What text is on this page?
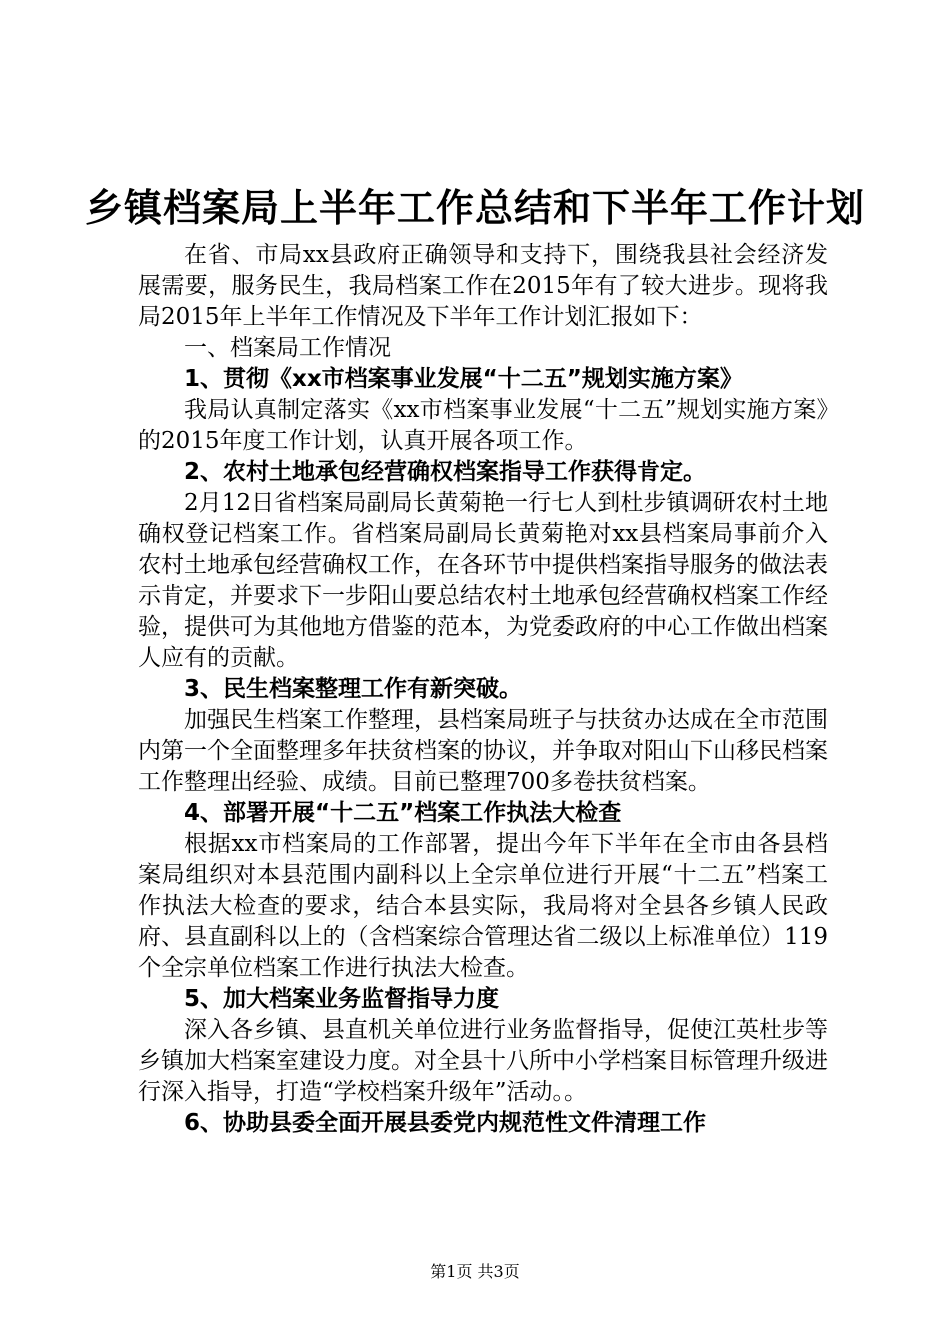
乡镇档案局上半年工作总结和下半年工作计划

在省、市局xx县政府正确领导和支持下，围绕我县社会经济发展需要，服务民生，我局档案工作在2015年有了较大进步。现将我局2015年上半年工作情况及下半年工作计划汇报如下：

一、档案局工作情况

1、贯彻《xx市档案事业发展“十二五”规划实施方案》

我局认真制定落实《xx市档案事业发展“十二五”规划实施方案》的2015年度工作计划，认真开展各项工作。

2、农村土地承包经营确权档案指导工作获得肯定。

2月12日省档案局副局长黄菊艳一行七人到杜步镇调研农村土地确权登记档案工作。省档案局副局长黄菊艳对xx县档案局事前介入农村土地承包经营确权工作，在各环节中提供档案指导服务的做法表示肯定，并要求下一步阳山要总结农村土地承包经营确权档案工作经验，提供可为其他地方借鉴的范本，为党委政府的中心工作做出档案人应有的贡献。

3、民生档案整理工作有新突破。

加强民生档案工作整理，县档案局班子与扶贫办达成在全市范围内第一个全面整理多年扶贫档案的协议，并争取对阳山下山移民档案工作整理出经验、成绩。目前已整理700多卷扶贫档案。

4、部署开展“十二五”档案工作执法大检查

根据xx市档案局的工作部署，提出今年下半年在全市由各县档案局组织对本县范围内副科以上全宗单位进行开展“十二五”档案工作执法大检查的要求，结合本县实际，我局将对全县各乡镇人民政府、县直副科以上的（含档案综合管理达省二级以上标准单位）119个全宗单位档案工作进行执法大检查。

5、加大档案业务监督指导力度

深入各乡镇、县直机关单位进行业务监督指导，促使江英杜步等乡镇加大档案室建设力度。对全县十八所中小学档案目标管理升级进行深入指导，打造“学校档案升级年”活动。。

6、协助县委全面开展县委党内规范性文件清理工作

第1页 共3页
